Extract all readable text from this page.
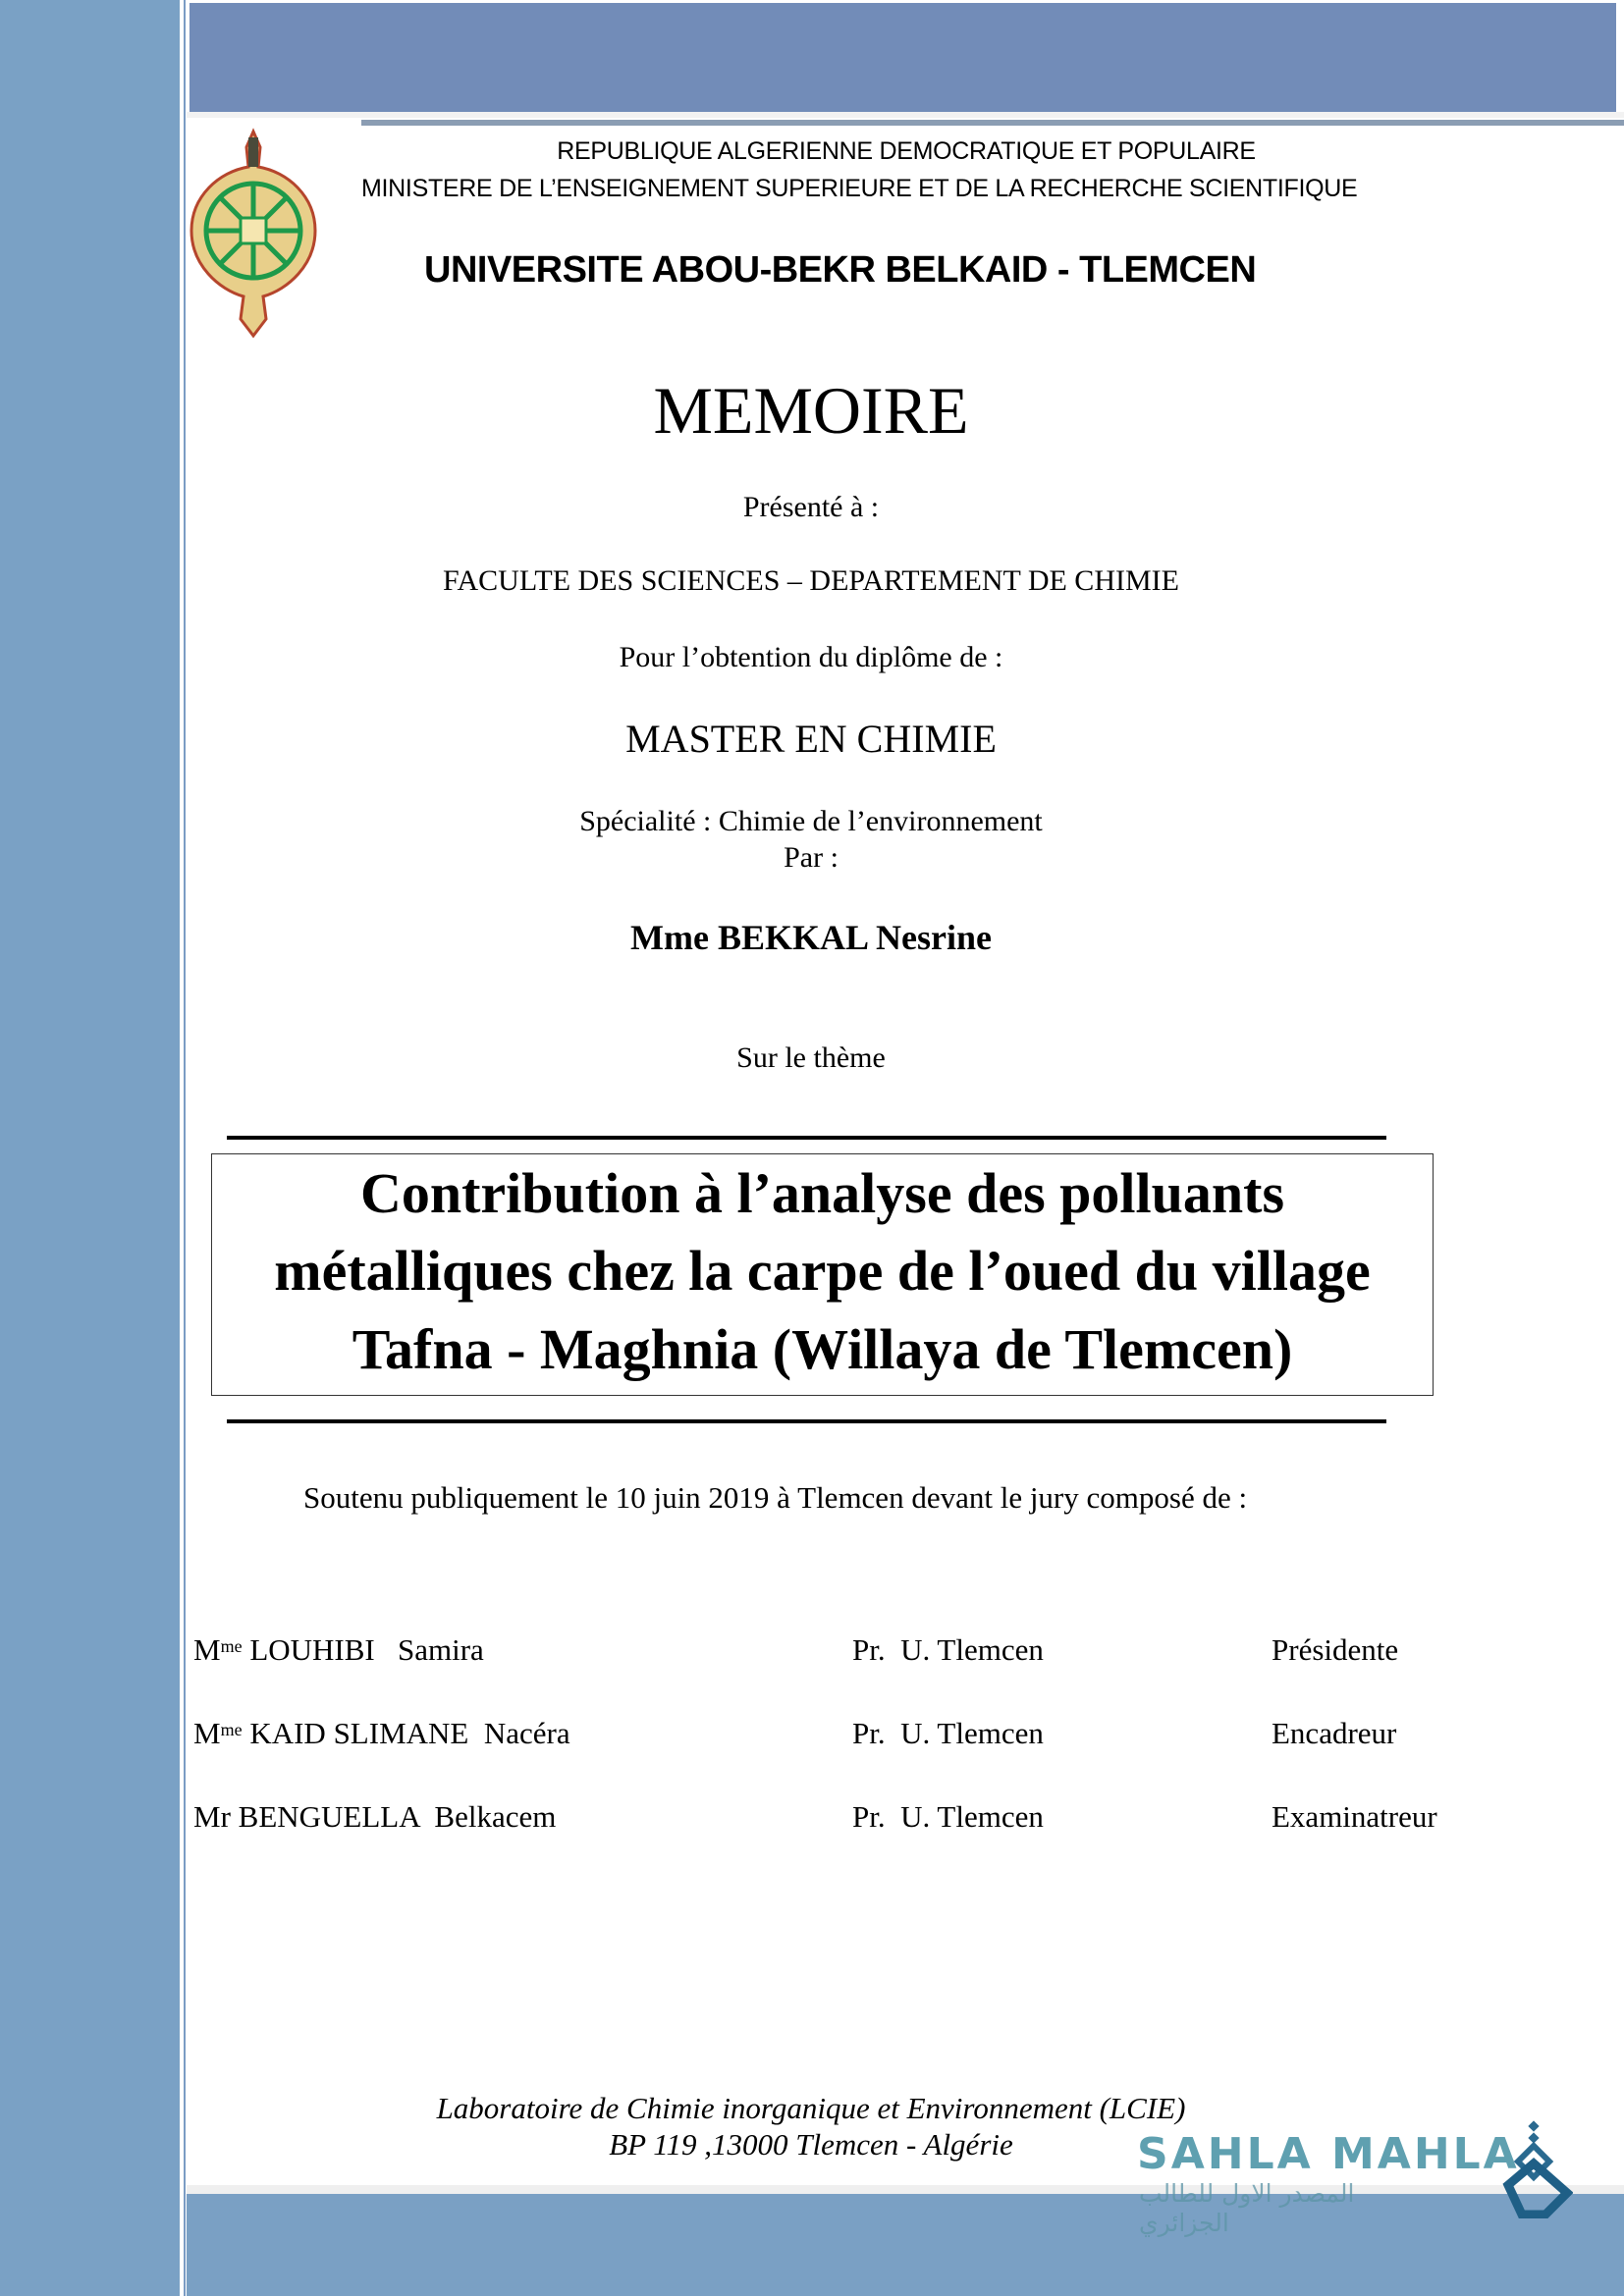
REPUBLIQUE ALGERIENNE DEMOCRATIQUE ET POPULAIRE
MINISTERE DE L’ENSEIGNEMENT SUPERIEURE ET DE LA RECHERCHE SCIENTIFIQUE
UNIVERSITE ABOU-BEKR BELKAID - TLEMCEN
MEMOIRE
Présenté à :
FACULTE DES SCIENCES – DEPARTEMENT DE CHIMIE
Pour l’obtention du diplôme de :
MASTER EN CHIMIE
Spécialité : Chimie de l’environnement
Par :
Mme BEKKAL Nesrine
Sur le thème
Contribution à l’analyse des polluants
métalliques chez la carpe de l’oued du village
Tafna - Maghnia (Willaya de Tlemcen)
Soutenu publiquement le 10 juin 2019 à Tlemcen devant le jury composé de :
$M^{me}$ LOUHIBI   Samira	Pr.  U. Tlemcen	Présidente
$M^{me}$ KAID SLIMANE  Nacéra	Pr.  U. Tlemcen	Encadreur
Mr BENGUELLA  Belkacem	Pr.  U. Tlemcen	Examinatreur
Laboratoire de Chimie inorganique et Environnement (LCIE)
BP 119 ,13000 Tlemcen - Algérie	SAHLA MAHLA
المصدر الاول للطالب الجزائري
